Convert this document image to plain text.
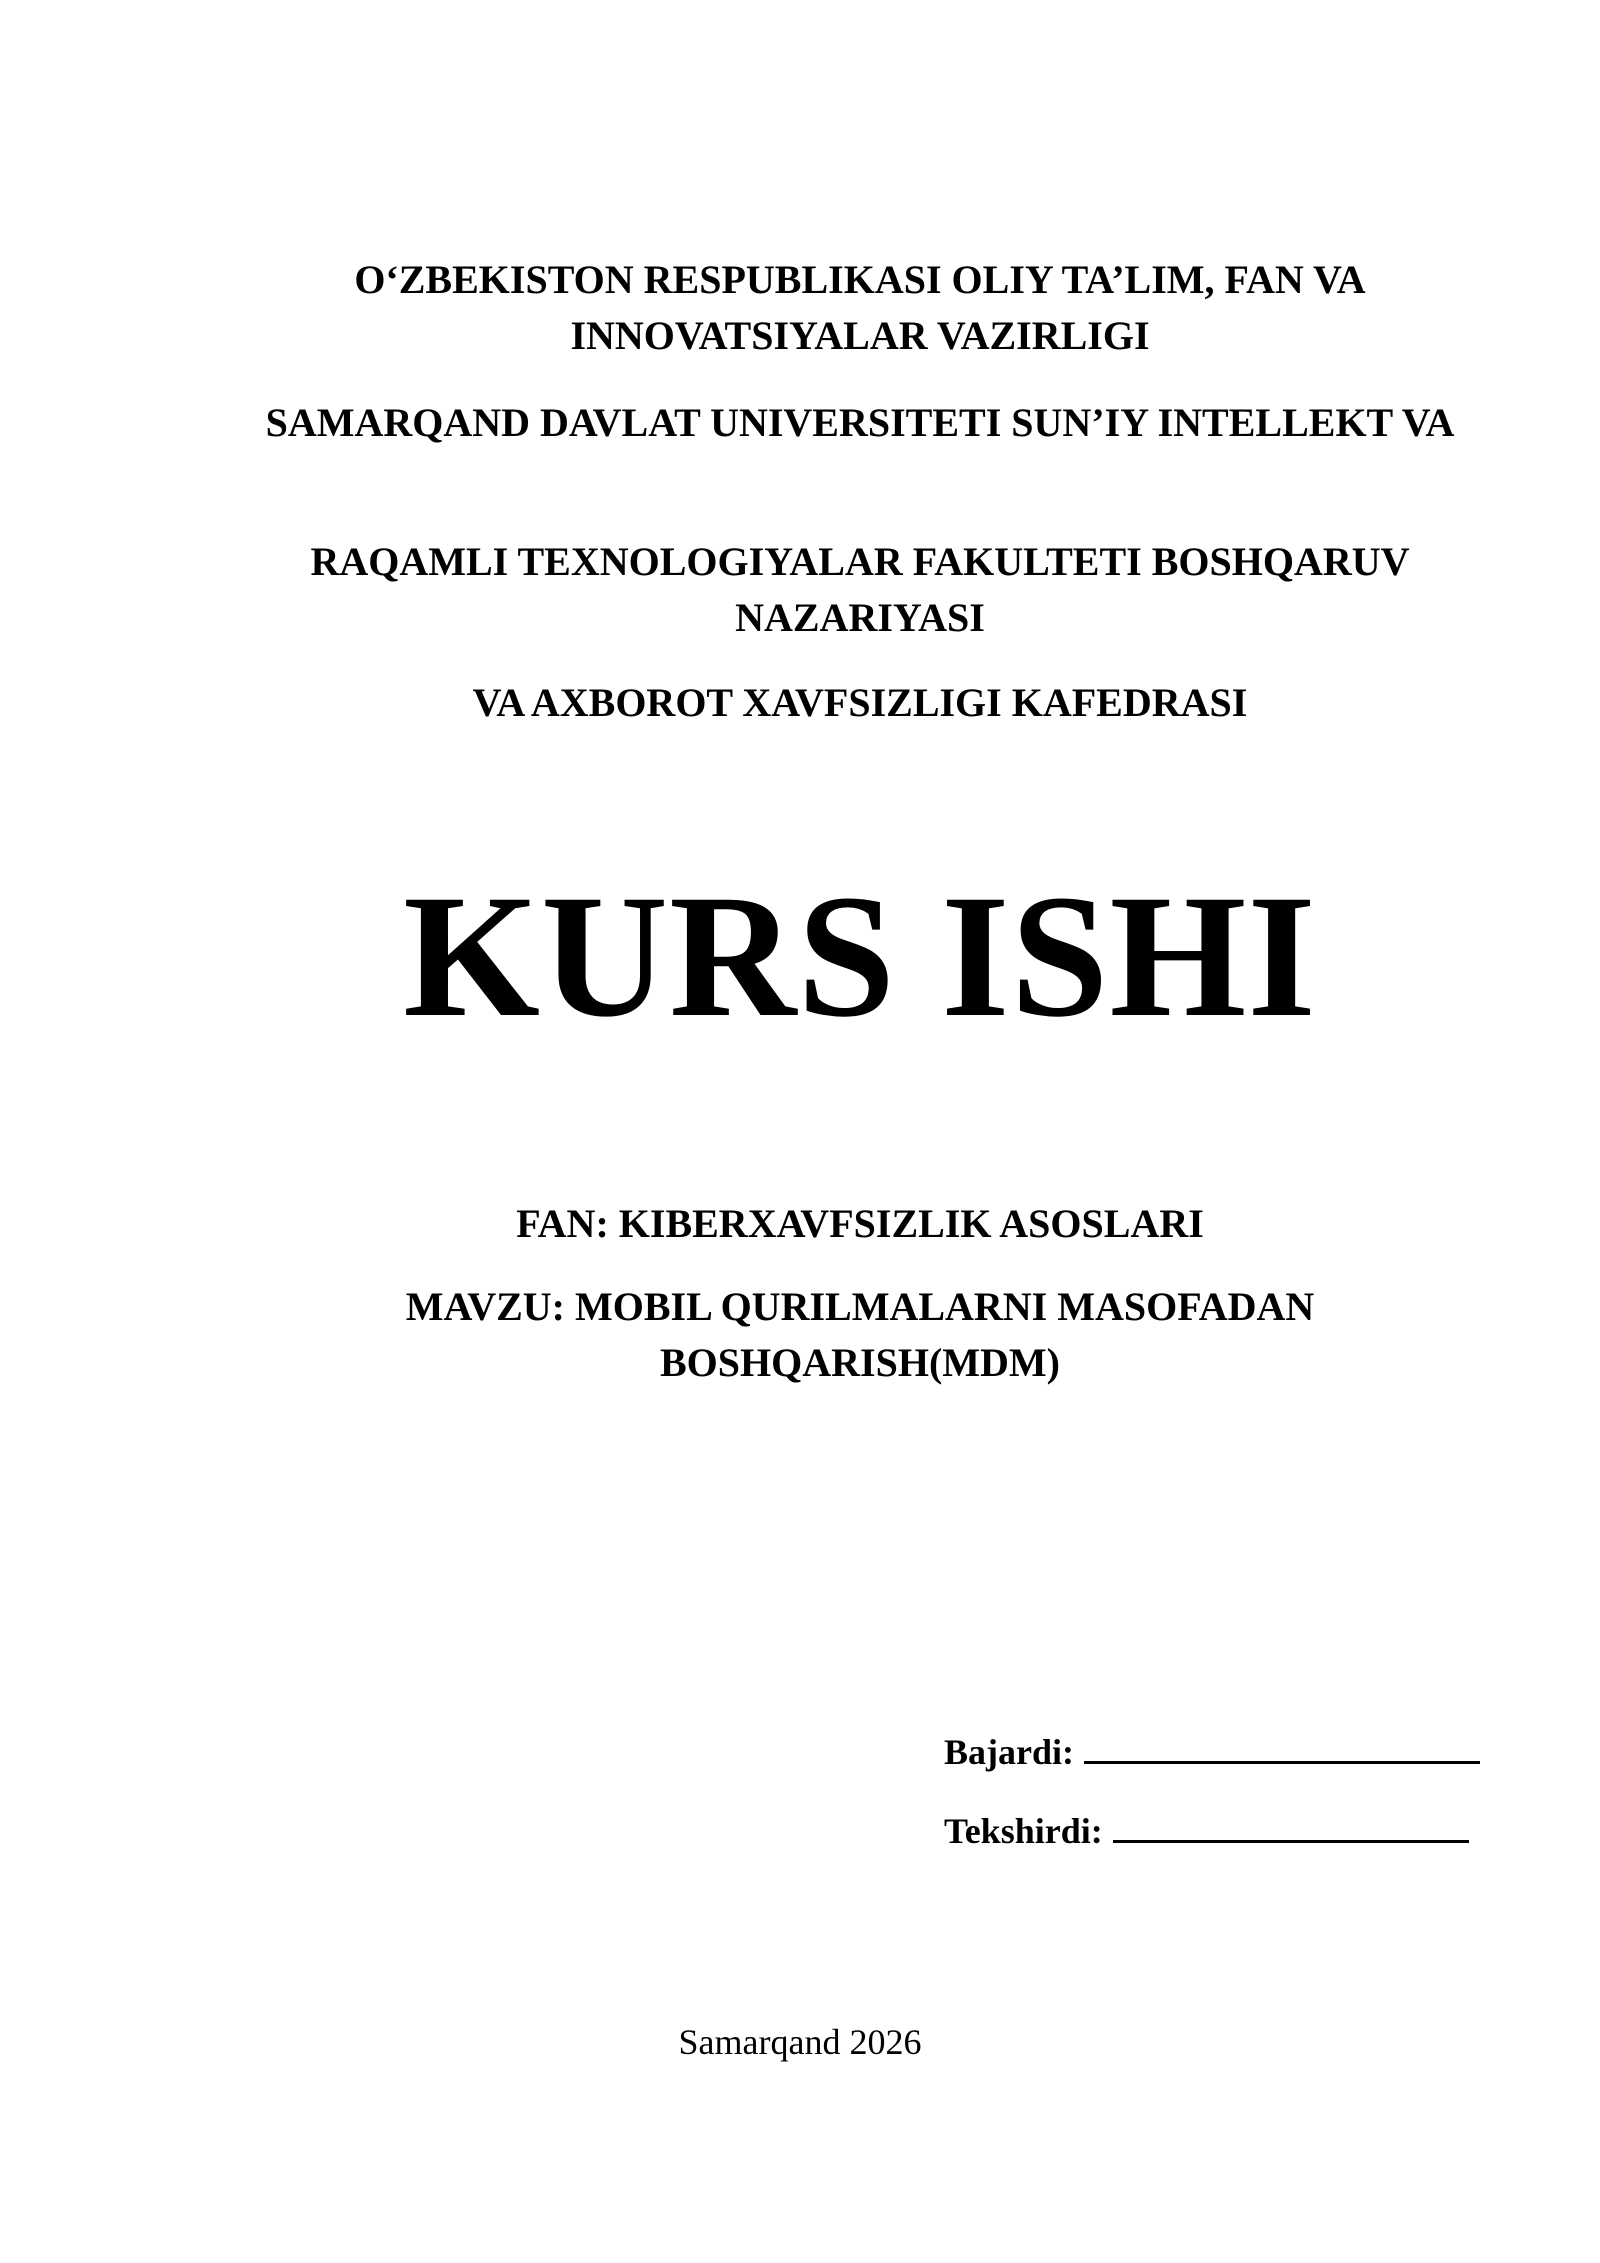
O‘ZBEKISTON RESPUBLIKASI OLIY TA’LIM, FAN VA INNOVATSIYALAR VAZIRLIGI

SAMARQAND DAVLAT UNIVERSITETI SUN’IY INTELLEKT VA

RAQAMLI TEXNOLOGIYALAR FAKULTETI BOSHQARUV NAZARIYASI

VA AXBOROT XAVFSIZLIGI KAFEDRASI

KURS ISHI

FAN: KIBERXAVFSIZLIK ASOSLARI

MAVZU: MOBIL QURILMALARNI MASOFADAN BOSHQARISH(MDM)

Bajardi:
Tekshirdi:
Samarqand 2026
